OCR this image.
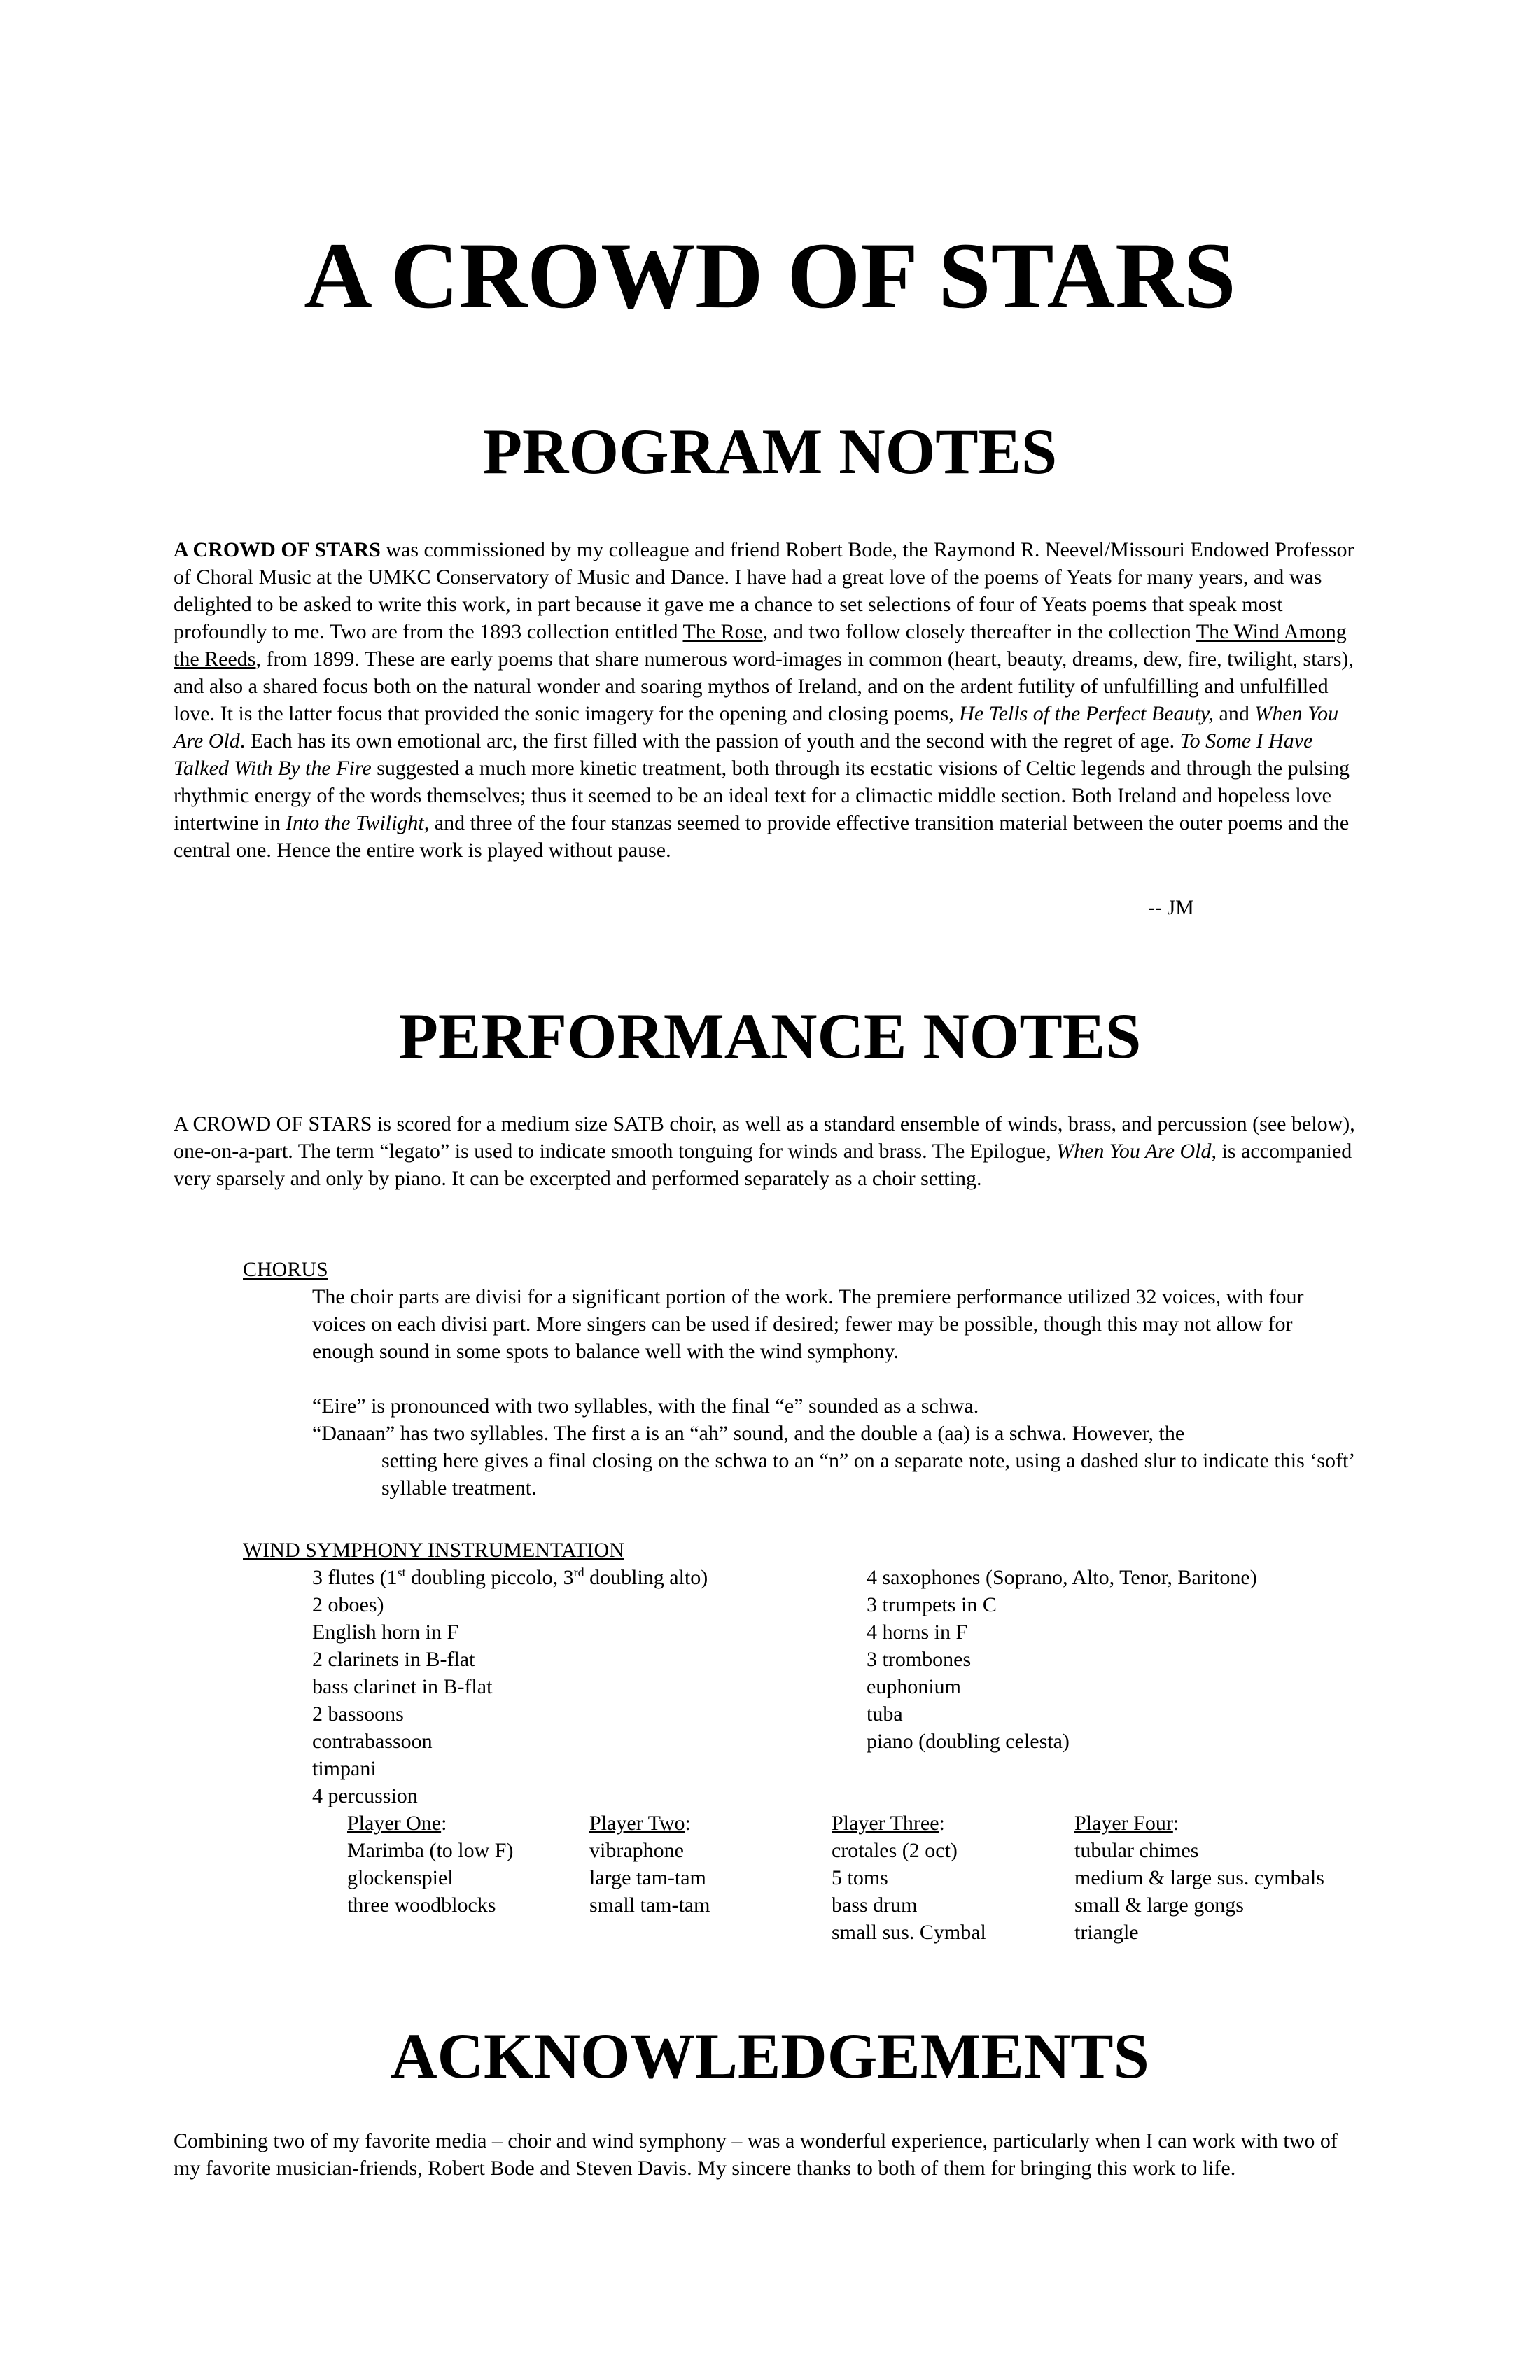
A CROWD OF STARS
PROGRAM NOTES

A CROWD OF STARS was commissioned by my colleague and friend Robert Bode, the Raymond R. Neevel/Missouri Endowed Professor of Choral Music at the UMKC Conservatory of Music and Dance. I have had a great love of the poems of Yeats for many years, and was delighted to be asked to write this work, in part because it gave me a chance to set selections of four of Yeats poems that speak most profoundly to me. Two are from the 1893 collection entitled The Rose, and two follow closely thereafter in the collection The Wind Among the Reeds, from 1899. These are early poems that share numerous word-images in common (heart, beauty, dreams, dew, fire, twilight, stars), and also a shared focus both on the natural wonder and soaring mythos of Ireland, and on the ardent futility of unfulfilling and unfulfilled love. It is the latter focus that provided the sonic imagery for the opening and closing poems, He Tells of the Perfect Beauty, and When You Are Old. Each has its own emotional arc, the first filled with the passion of youth and the second with the regret of age. To Some I Have Talked With By the Fire suggested a much more kinetic treatment, both through its ecstatic visions of Celtic legends and through the pulsing rhythmic energy of the words themselves; thus it seemed to be an ideal text for a climactic middle section. Both Ireland and hopeless love intertwine in Into the Twilight, and three of the four stanzas seemed to provide effective transition material between the outer poems and the central one. Hence the entire work is played without pause.

-- JM
PERFORMANCE NOTES

A CROWD OF STARS is scored for a medium size SATB choir, as well as a standard ensemble of winds, brass, and percussion (see below), one-on-a-part. The term “legato” is used to indicate smooth tonguing for winds and brass. The Epilogue, When You Are Old, is accompanied very sparsely and only by piano. It can be excerpted and performed separately as a choir setting.

CHORUS
The choir parts are divisi for a significant portion of the work. The premiere performance utilized 32 voices, with four voices on each divisi part. More singers can be used if desired; fewer may be possible, though this may not allow for enough sound in some spots to balance well with the wind symphony.
“Eire” is pronounced with two syllables, with the final “e” sounded as a schwa.
“Danaan” has two syllables. The first a is an “ah” sound, and the double a (aa) is a schwa. However, the
setting here gives a final closing on the schwa to an “n” on a separate note, using a dashed slur to indicate this ‘soft’ syllable treatment.
WIND SYMPHONY INSTRUMENTATION
3 flutes (1st doubling piccolo, 3rd doubling alto)
2 oboes)
English horn in F
2 clarinets in B-flat
bass clarinet in B-flat
2 bassoons
contrabassoon
timpani
4 percussion
4 saxophones (Soprano, Alto, Tenor, Baritone)
3 trumpets in C
4 horns in F
3 trombones
euphonium
tuba
piano (doubling celesta)
Player One:
Marimba (to low F)
glockenspiel
three woodblocks
Player Two:
vibraphone
large tam-tam
small tam-tam
Player Three:
crotales (2 oct)
5 toms
bass drum
small sus. Cymbal
Player Four:
tubular chimes
medium & large sus. cymbals
small & large gongs
triangle
ACKNOWLEDGEMENTS

Combining two of my favorite media – choir and wind symphony – was a wonderful experience, particularly when I can work with two of my favorite musician-friends, Robert Bode and Steven Davis. My sincere thanks to both of them for bringing this work to life.
